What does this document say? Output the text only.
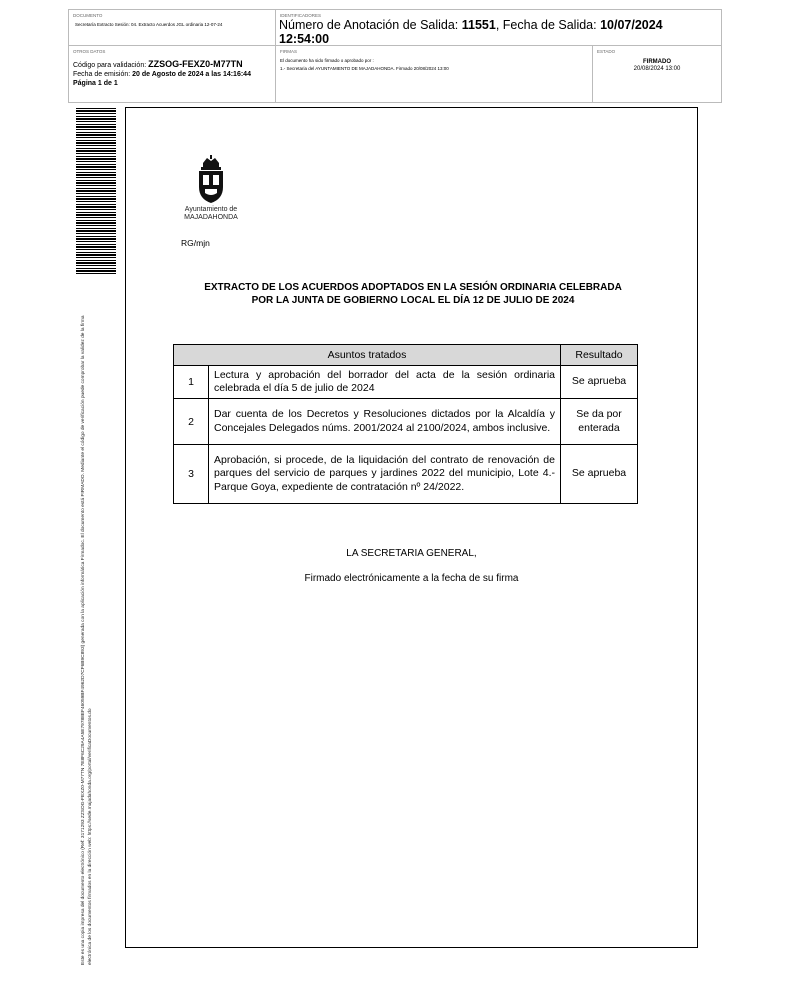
DOCUMENTO
Secretaría Extracto Sesión: 04. Extracto Acuerdos JGL ordinaria 12-07-24
IDENTIFICADORES
Número de Anotación de Salida: 11551, Fecha de Salida: 10/07/2024
12:54:00
OTROS DATOS
Código para validación: ZZSOG-FEXZ0-M77TN
Fecha de emisión: 20 de Agosto de 2024 a las 14:16:44
Página 1 de 1
FIRMAS
El documento ha sido firmado o aprobado por :
1.- Secretaria del AYUNTAMIENTO DE MAJADAHONDA. Firmado 20/08/2024 13:00
ESTADO
FIRMADO
20/08/2024 13:00
Este es una copia impresa del documento electrónico (Ref: 3171293 ZZSOG-FEXZ0-M77TN 7E8F6C29A4A5E79788EF46059BF4962D7CF6B9C893) generada con la aplicación informática Firmadoc. El documento está FIRMADO. Mediante el código de verificación puede comprobar la validez de la firma electrónica de los documentos firmados en la dirección web: https://sede.majadahonda.org/portal/verificaDocumentos.do
Ayuntamiento de
MAJADAHONDA
RG/mjn
EXTRACTO DE LOS ACUERDOS ADOPTADOS EN LA SESIÓN ORDINARIA CELEBRADA
POR LA JUNTA DE GOBIERNO LOCAL EL DÍA 12 DE JULIO DE 2024
Asuntos tratados		Resultado
1	Lectura y aprobación del borrador del acta de la sesión ordinaria celebrada el día 5 de julio de 2024	Se aprueba
2	Dar cuenta de los Decretos y Resoluciones dictados por la Alcaldía y Concejales Delegados núms. 2001/2024 al 2100/2024, ambos inclusive.	Se da por enterada
3	Aprobación, si procede, de la liquidación del contrato de renovación de parques del servicio de parques y jardines 2022 del municipio, Lote 4.- Parque Goya, expediente de contratación nº 24/2022.	Se aprueba
LA SECRETARIA GENERAL,
Firmado electrónicamente a la fecha de su firma
